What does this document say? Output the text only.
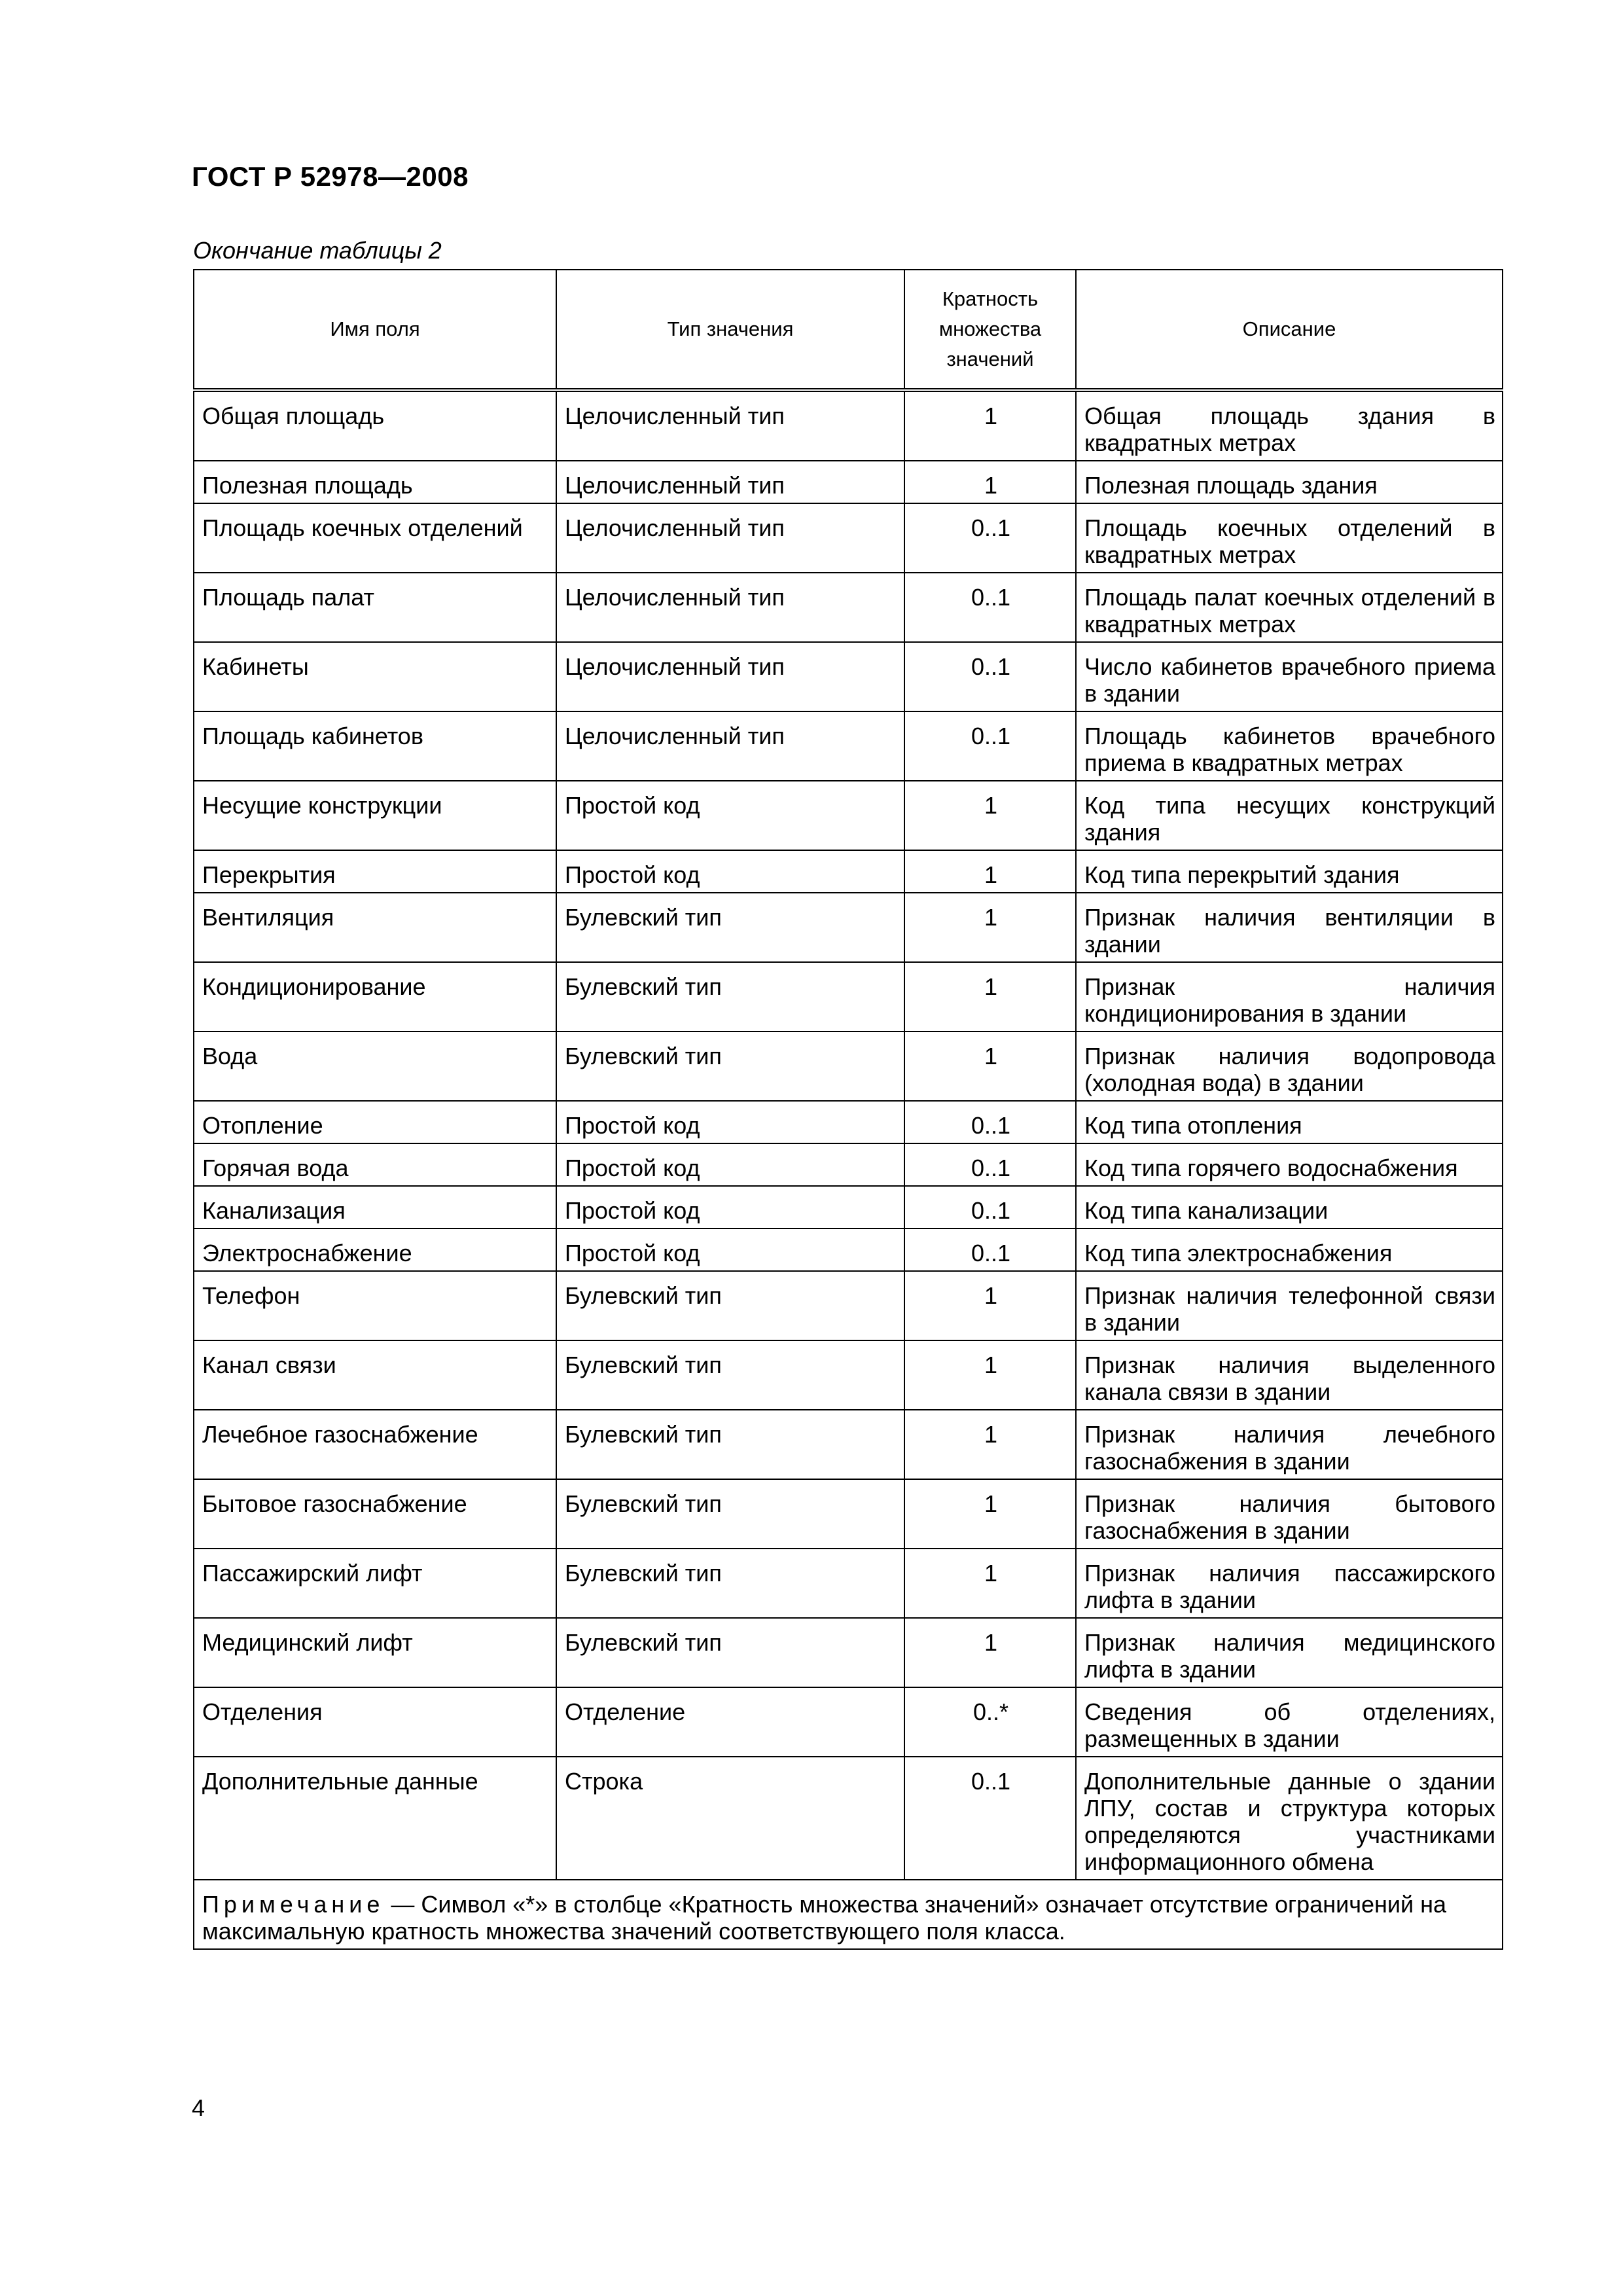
ГОСТ Р 52978—2008
Окончание таблицы 2
Имя поля	Тип значения	Кратность множества значений	Описание
Общая площадь	Целочисленный тип	1	Общая площадь здания в квадратных метрах
Полезная площадь	Целочисленный тип	1	Полезная площадь здания
Площадь коечных отделений	Целочисленный тип	0..1	Площадь коечных отделений в квадратных метрах
Площадь палат	Целочисленный тип	0..1	Площадь палат коечных отделений в квадратных метрах
Кабинеты	Целочисленный тип	0..1	Число кабинетов врачебного приема в здании
Площадь кабинетов	Целочисленный тип	0..1	Площадь кабинетов врачебного приема в квадратных метрах
Несущие конструкции	Простой код	1	Код типа несущих конструкций здания
Перекрытия	Простой код	1	Код типа перекрытий здания
Вентиляция	Булевский тип	1	Признак наличия вентиляции в здании
Кондиционирование	Булевский тип	1	Признак наличия кондиционирования в здании
Вода	Булевский тип	1	Признак наличия водопровода (холодная вода) в здании
Отопление	Простой код	0..1	Код типа отопления
Горячая вода	Простой код	0..1	Код типа горячего водоснабжения
Канализация	Простой код	0..1	Код типа канализации
Электроснабжение	Простой код	0..1	Код типа электроснабжения
Телефон	Булевский тип	1	Признак наличия телефонной связи в здании
Канал связи	Булевский тип	1	Признак наличия выделенного канала связи в здании
Лечебное газоснабжение	Булевский тип	1	Признак наличия лечебного газоснабжения в здании
Бытовое газоснабжение	Булевский тип	1	Признак наличия бытового газоснабжения в здании
Пассажирский лифт	Булевский тип	1	Признак наличия пассажирского лифта в здании
Медицинский лифт	Булевский тип	1	Признак наличия медицинского лифта в здании
Отделения	Отделение	0..*	Сведения об отделениях, размещенных в здании
Дополнительные данные	Строка	0..1	Дополнительные данные о здании ЛПУ, состав и структура которых определяются участниками информационного обмена
Примечание — Символ «*» в столбце «Кратность множества значений» означает отсутствие ограничений на максимальную кратность множества значений соответствующего поля класса.			
4
